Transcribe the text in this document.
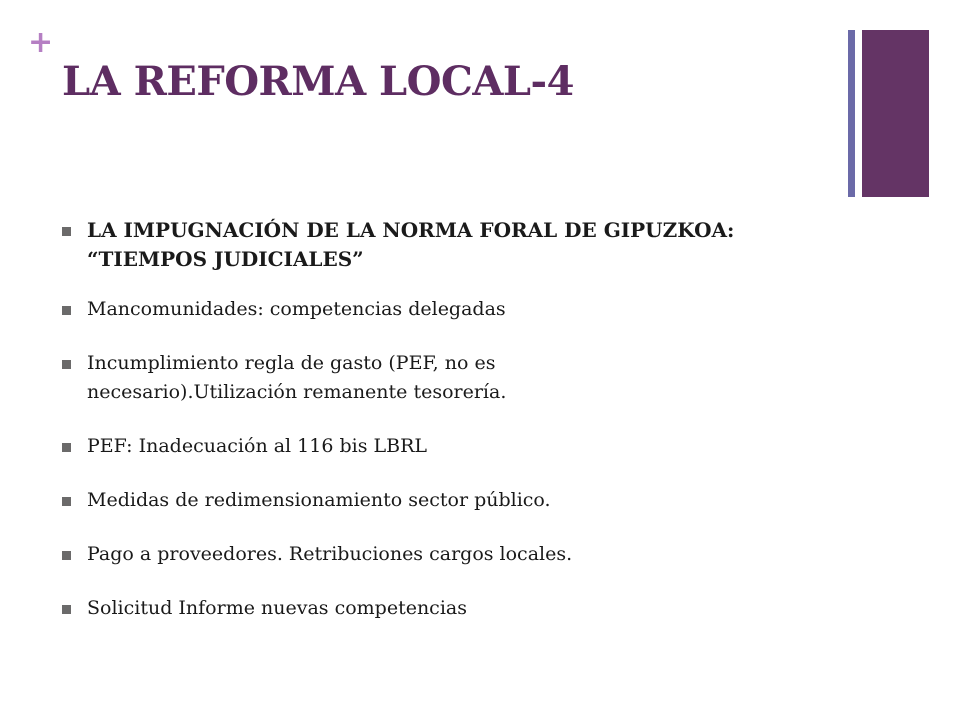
+
LA REFORMA LOCAL-4
LA IMPUGNACIÓN DE LA NORMA FORAL DE GIPUZKOA: “TIEMPOS JUDICIALES”
Mancomunidades: competencias delegadas
Incumplimiento regla de gasto (PEF, no es necesario).Utilización remanente tesorería.
PEF: Inadecuación al 116 bis LBRL
Medidas de redimensionamiento sector público.
Pago a proveedores. Retribuciones cargos locales.
Solicitud Informe nuevas competencias
